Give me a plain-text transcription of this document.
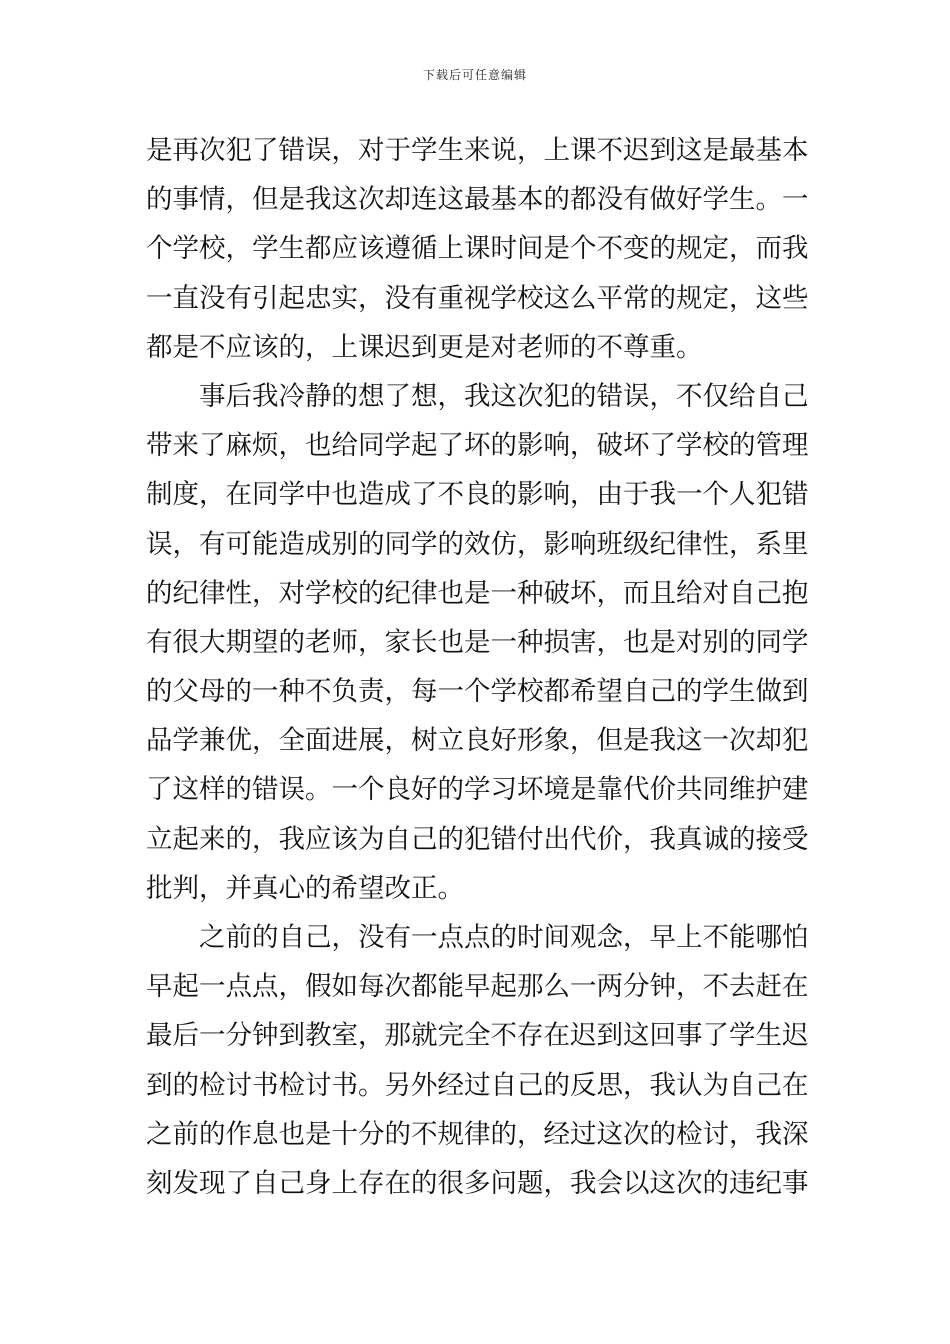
下载后可任意编辑
是再次犯了错误，对于学生来说，上课不迟到这是最基本
的事情，但是我这次却连这最基本的都没有做好学生。一
个学校，学生都应该遵循上课时间是个不变的规定，而我
一直没有引起忠实，没有重视学校这么平常的规定，这些
都是不应该的，上课迟到更是对老师的不尊重。
　　事后我冷静的想了想，我这次犯的错误，不仅给自己
带来了麻烦，也给同学起了坏的影响，破坏了学校的管理
制度，在同学中也造成了不良的影响，由于我一个人犯错
误，有可能造成别的同学的效仿，影响班级纪律性，系里
的纪律性，对学校的纪律也是一种破坏，而且给对自己抱
有很大期望的老师，家长也是一种损害，也是对别的同学
的父母的一种不负责，每一个学校都希望自己的学生做到
品学兼优，全面进展，树立良好形象，但是我这一次却犯
了这样的错误。一个良好的学习坏境是靠代价共同维护建
立起来的，我应该为自己的犯错付出代价，我真诚的接受
批判，并真心的希望改正。
　　之前的自己，没有一点点的时间观念，早上不能哪怕
早起一点点，假如每次都能早起那么一两分钟，不去赶在
最后一分钟到教室，那就完全不存在迟到这回事了学生迟
到的检讨书检讨书。另外经过自己的反思，我认为自己在
之前的作息也是十分的不规律的，经过这次的检讨，我深
刻发现了自己身上存在的很多问题，我会以这次的违纪事
